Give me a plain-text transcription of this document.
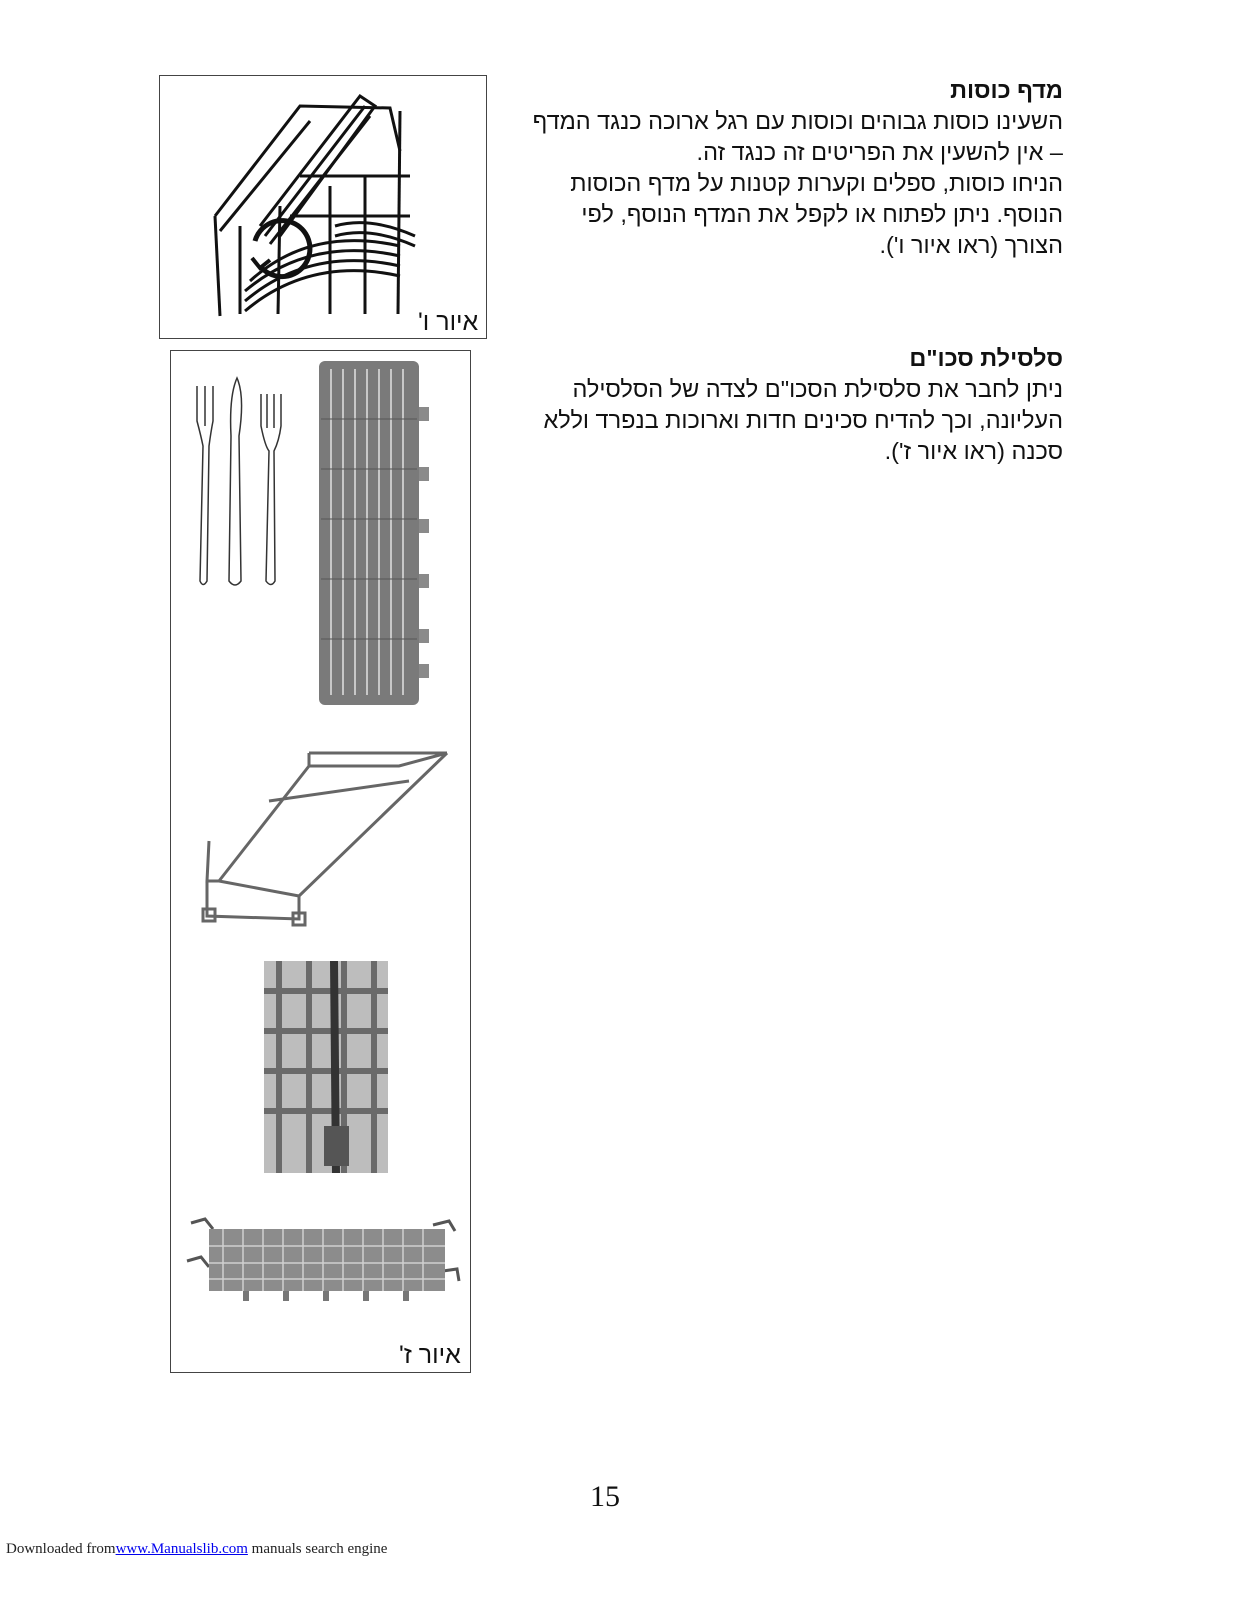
איור ו'
איור ז'
מדף כוסות

השעינו כוסות גבוהים וכוסות עם רגל ארוכה כנגד המדף

– אין להשעין את הפריטים זה כנגד זה.

הניחו כוסות, ספלים וקערות קטנות על מדף הכוסות

הנוסף. ניתן לפתוח או לקפל את המדף הנוסף, לפי

הצורך (ראו איור ו').

סלסילת סכו"ם

ניתן לחבר את סלסילת הסכו"ם לצדה של הסלסילה

העליונה, וכך להדיח סכינים חדות וארוכות בנפרד וללא

סכנה (ראו איור ז').

15
Downloaded fromwww.Manualslib.com manuals search engine
